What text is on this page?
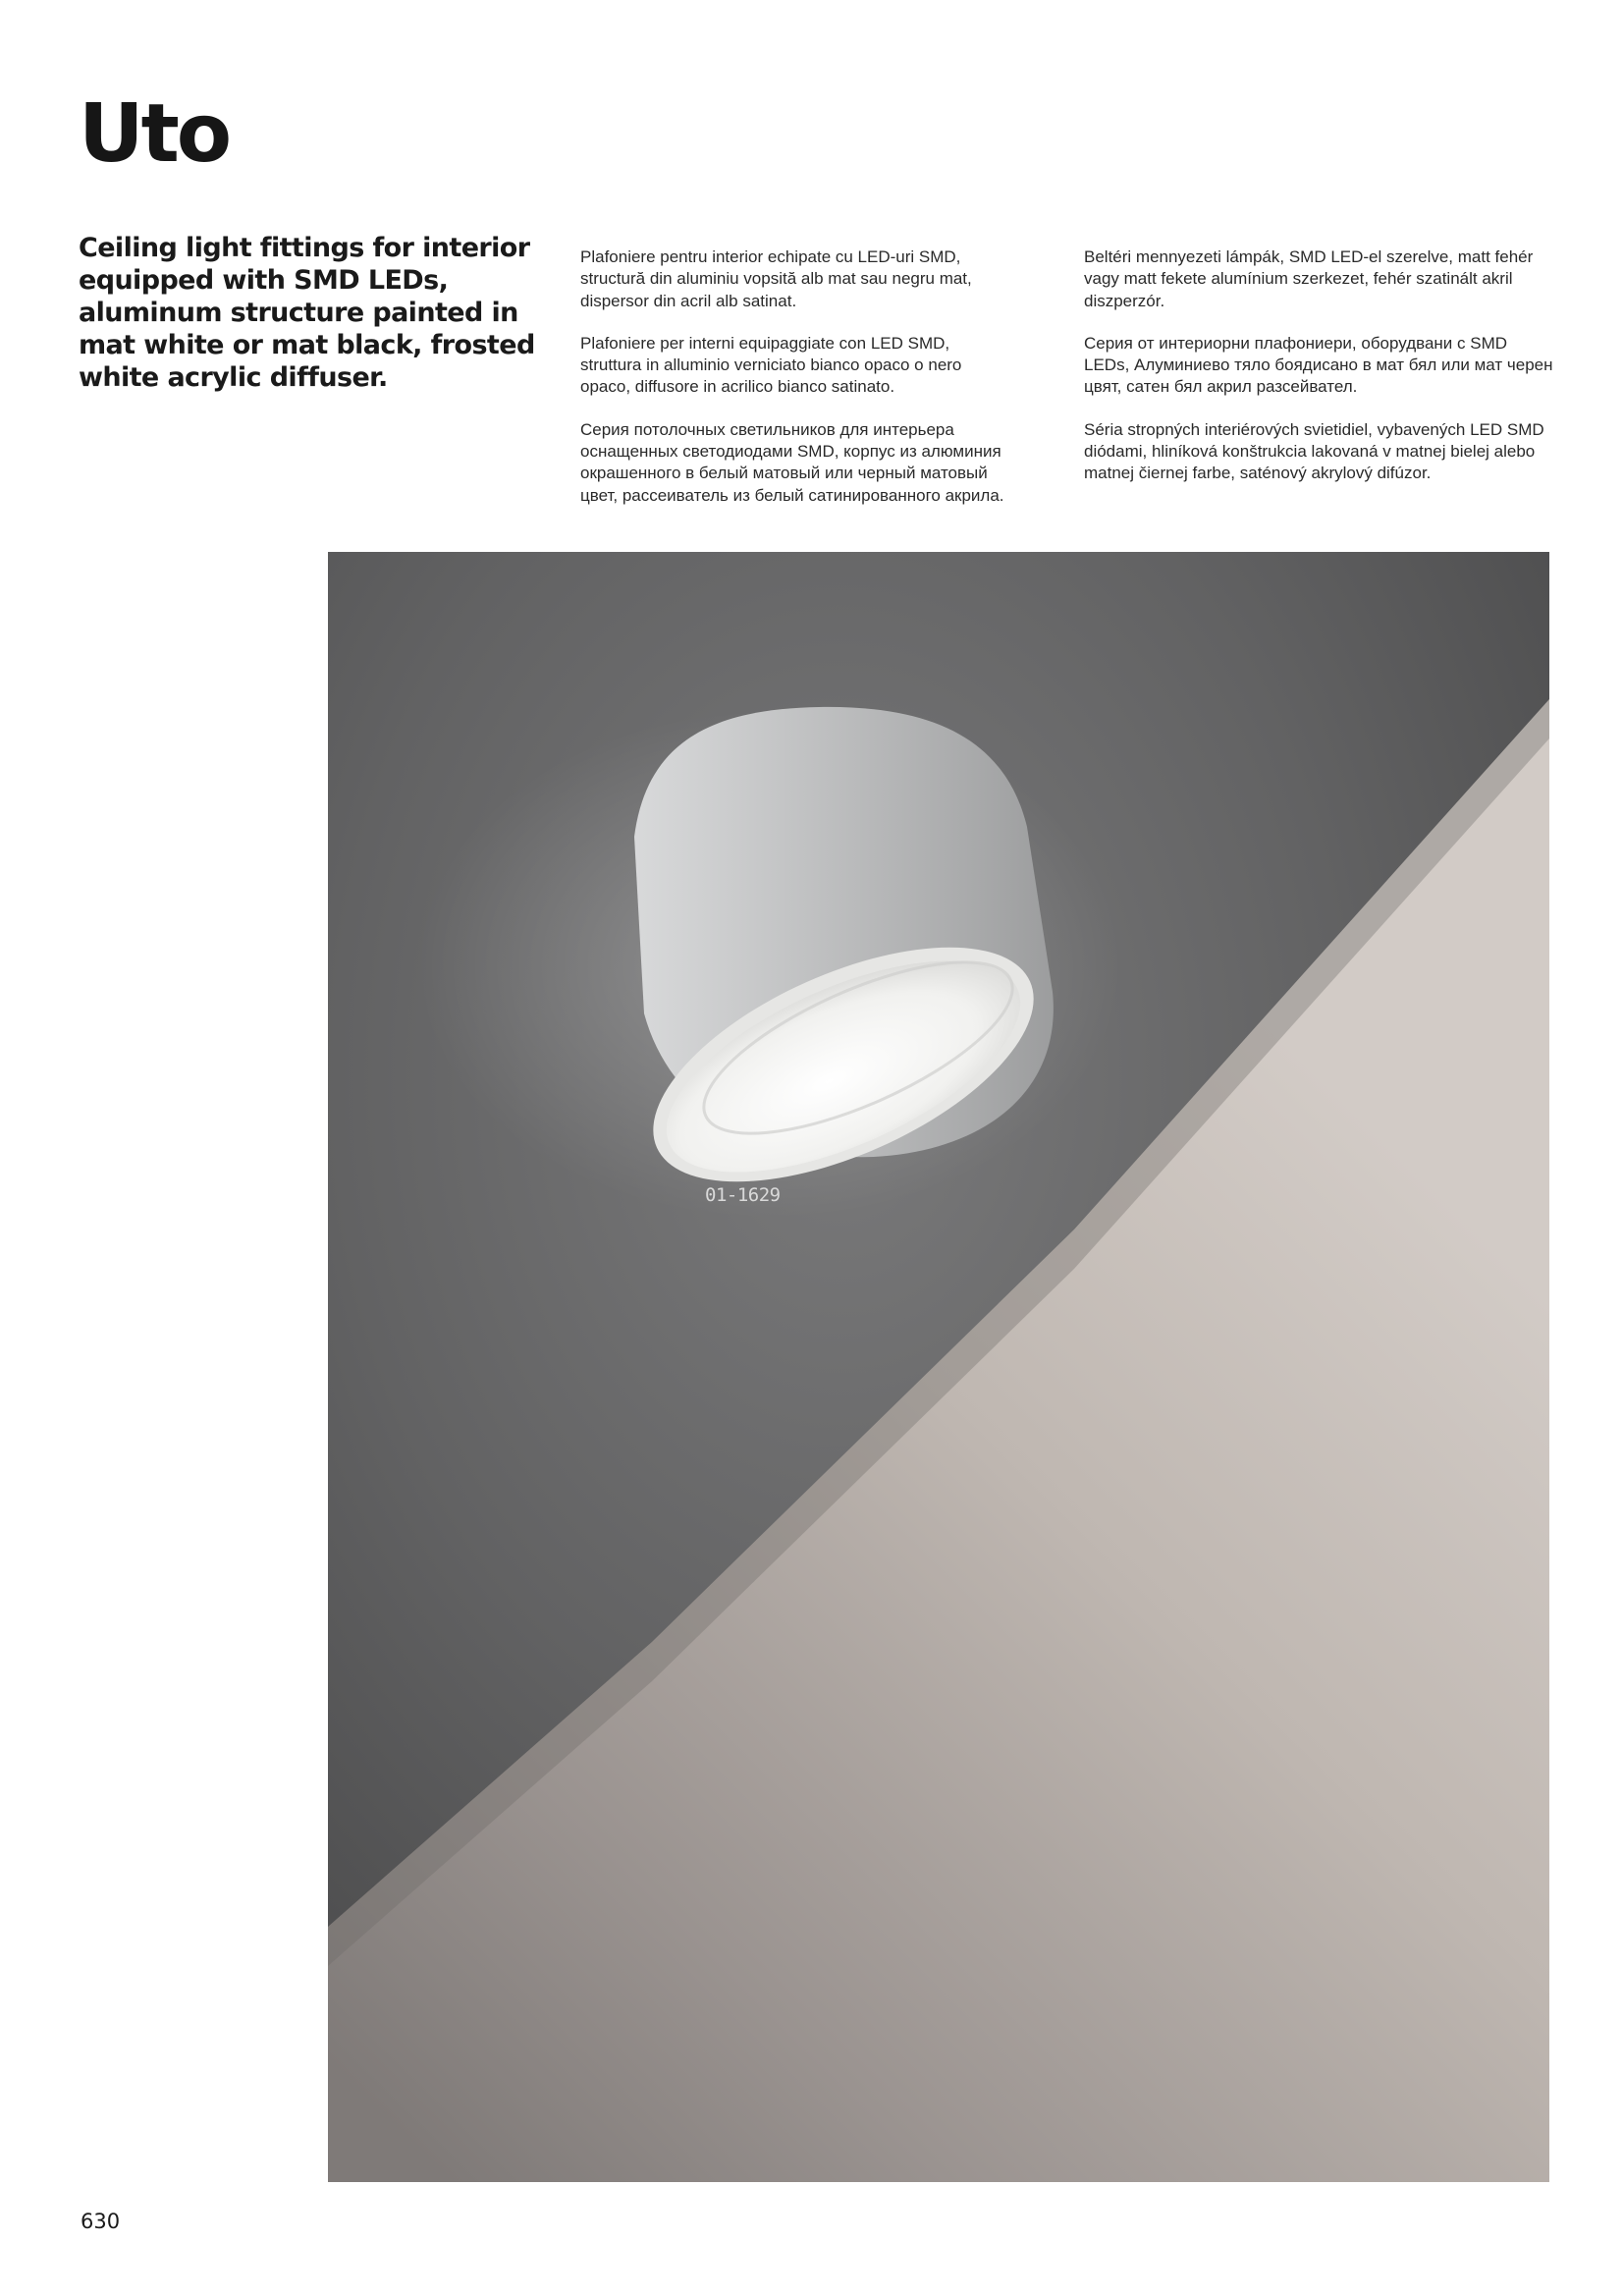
Uto

Ceiling light fittings for interior equipped with SMD LEDs, aluminum structure painted in mat white or mat black, frosted white acrylic diffuser.

Plafoniere pentru interior echipate cu LED-uri SMD, structură din aluminiu vopsită alb mat sau negru mat, dispersor din acril alb satinat.

Plafoniere per interni equipaggiate con LED SMD, struttura in alluminio verniciato bianco opaco o nero opaco, diffusore in acrilico bianco satinato.

Серия потолочных светильников для интерьера оснащенных светодиодами SMD, корпус из алюминия окрашенного в белый матовый или черный матовый цвет, рассеиватель из белый сатинированного акрила.

Beltéri mennyezeti lámpák, SMD LED-el szerelve, matt fehér vagy matt fekete alumínium szerkezet, fehér szatinált akril diszperzór.

Серия от интериорни плафониери, оборудвани с SMD LEDs, Алуминиево тяло боядисано в мат бял или мат черен цвят, сатен бял акрил разсейвател.

Séria stropných interiérových svietidiel, vybavených LED SMD diódami, hliníková konštrukcia lakovaná v matnej bielej alebo matnej čiernej farbe, saténový akrylový difúzor.

01-1629
630
